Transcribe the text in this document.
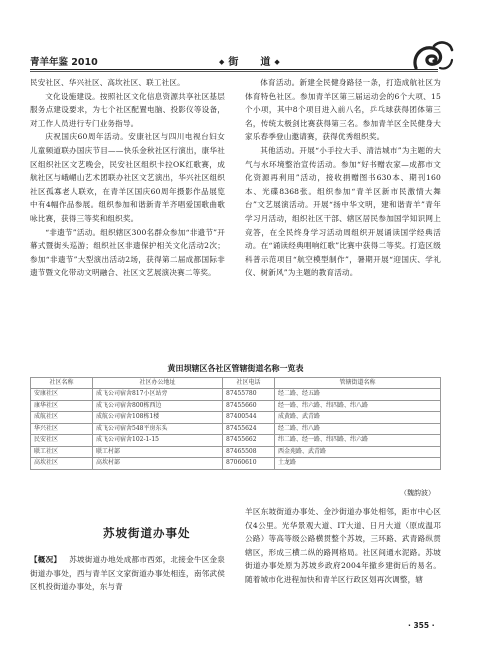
青羊年鉴 2010	◆ 街 道 ◆

民安社区、华兴社区、高坎社区、联工社区。

文化设施建设。按照社区文化信息资源共享社区基层服务点建设要求，为七个社区配置电脑、投影仪等设备，对工作人员进行专门业务指导。

庆祝国庆60周年活动。安康社区与四川电视台妇女儿童频道联办国庆节目——快乐金秋社区行演出，康华社区组织社区文艺晚会，民安社区组织卡拉OK红歌赛，成航社区与峨嵋山艺术团联办社区文艺演出，华兴社区组织社区孤寡老人联欢，在青羊区国庆60周年摄影作品展览中有4幅作品参展。组织参加和谐新青羊齐唱爱国歌曲歌咏比赛，获得三等奖和组织奖。

“非遗节”活动。组织辖区300名群众参加“非遗节”开幕式暨街头巡游；组织社区非遗保护相关文化活动2次；参加“非遗节”大型演出活动2场，获得第二届成都国际非遗节暨文化带动文明融合、社区文艺展演决赛二等奖。

体育活动。新建全民健身路径一条，打造成航社区为体育特色社区。参加青羊区第三届运动会的6个大项、15个小项，其中8个项目进入前八名，乒乓球获得团体第三名，传统太极剑比赛获得第三名。参加青羊区全民健身大家乐春季登山邀请赛，获得优秀组织奖。

其他活动。开展“小手拉大手、清洁城市”为主题的大气与水环境整治宣传活动。参加“好书赠农家—成都市文化资源再利用”活动，接收捐赠图书630本、期刊160本、光碟8368张。组织参加“青羊区新市民激情大舞台”文艺展演活动。开展“扬中华文明，建和谐青羊”青年学习月活动，组织社区干部、辖区居民参加国学知识网上竞答，在全民终身学习活动周组织开展诵读国学经典活动。在“诵读经典唱响红歌”比赛中获得二等奖。打造区级科普示范项目“航空模型制作”，暑期开展“迎国庆、学礼仪、树新风”为主题的教育活动。

黄田坝辖区各社区管辖街道名称一览表
社区名称	社区办公地址	社区电话	管辖街道名称
安康社区	成飞公司宿舍817小区站旁	87455780	经二路、经五路
康华社区	成飞公司宿舍800栋西边	87455660	经一路、纬六路、纬四路、纬八路
成航社区	成航公司宿舍108栋1楼	87400544	成黄路、武青路
华兴社区	成飞公司宿舍548平房东头	87455624	经二路、纬八路
民安社区	成飞公司宿舍102-1-15	87455662	纬二路、经一路、纬四路、纬六路
联工社区	联工村部	87465508	西金苑路、武青路
高坎社区	高坎村部	87060610	土龙路
（魏韵波）
苏坡街道办事处

【概况】 苏坡街道办地处成都市西郊，北接金牛区金泉街道办事处，西与青羊区文家街道办事处相连，南邻武侯区机投街道办事处，东与青

羊区东坡街道办事处、金沙街道办事处相邻，距市中心区仅4公里。光华景观大道、IT大道、日月大道（原成温邛公路）等高等级公路横贯整个苏坡，三环路、武青路纵贯辖区，形成三横二纵的路网格局。社区间通水泥路。苏坡街道办事处原为苏坡乡政府2004年撤乡建街后的易名。随着城市化进程加快和青羊区行政区划再次调整，辖

· 355 ·
